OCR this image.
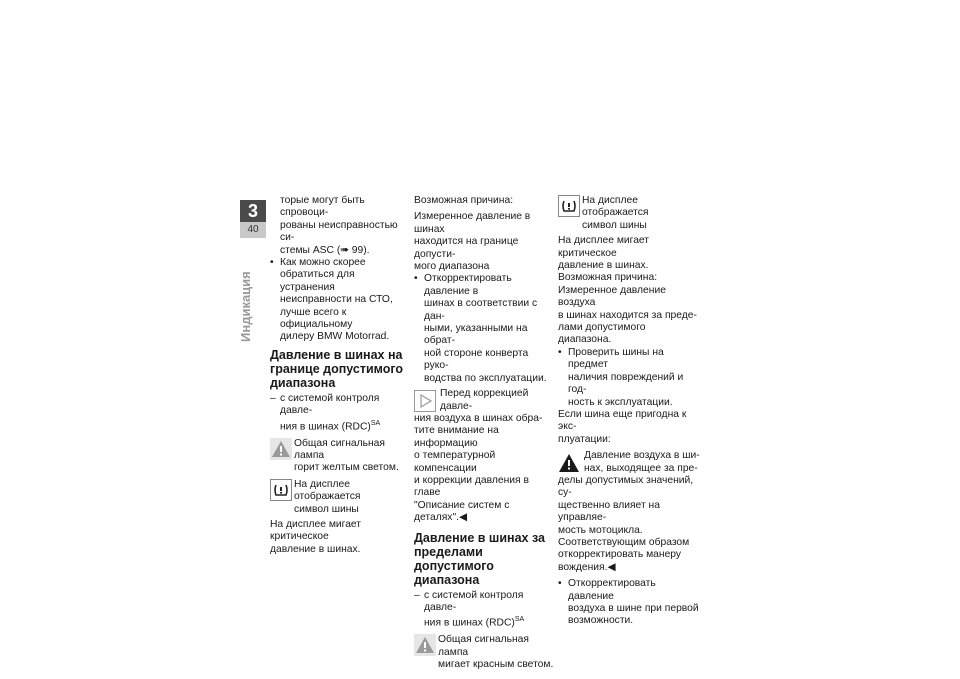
3
40
Индикация

торые могут быть спровоци-

рованы неисправностью си-

стемы ASC (➠ 99).

• Как можно скорее

обратиться для устранения

неисправности на СТО,

лучше всего к официальному

дилеру BMW Motorrad.

Давление в шинах на

границе допустимого

диапазона

– с системой контроля давле-

ния в шинах (RDC)$^{SA}$

Общая сигнальная лампа

горит желтым светом.

На дисплее отображается

символ шины

На дисплее мигает критическое

давление в шинах.

Возможная причина:

Измеренное давление в шинах

находится на границе допусти-

мого диапазона

• Откорректировать давление в

шинах в соответствии с дан-

ными, указанными на обрат-

ной стороне конверта руко-

водства по эксплуатации.

Перед коррекцией давле-

ния воздуха в шинах обра-

тите внимание на информацию

о температурной компенсации

и коррекции давления в главе

"Описание систем с деталях".◀

Давление в шинах за

пределами допустимого

диапазона

– с системой контроля давле-

ния в шинах (RDC)$^{SA}$

Общая сигнальная лампа

мигает красным светом.

На дисплее отображается

символ шины

На дисплее мигает критическое

давление в шинах.

Возможная причина:

Измеренное давление воздуха

в шинах находится за преде-

лами допустимого диапазона.

• Проверить шины на предмет

наличия повреждений и год-

ность к эксплуатации.

Если шина еще пригодна к экс-

плуатации:

Давление воздуха в ши-

нах, выходящее за пре-

делы допустимых значений, су-

щественно влияет на управляе-

мость мотоцикла.

Соответствующим образом

откорректировать манеру

вождения.◀

• Откорректировать давление

воздуха в шине при первой

возможности.
